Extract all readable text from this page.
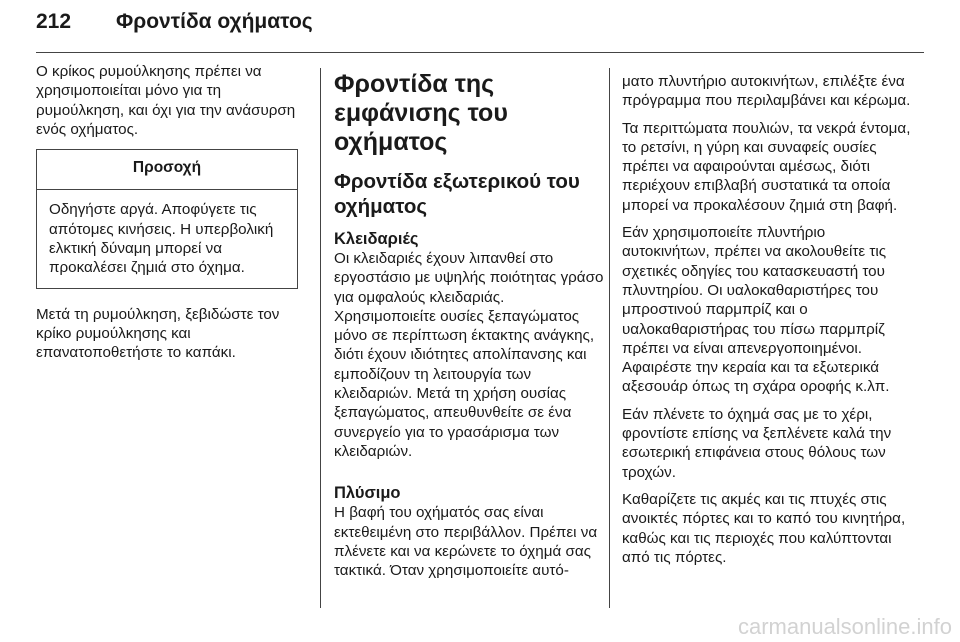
212 Φροντίδα οχήματος

Ο κρίκος ρυμούλκησης πρέπει να χρησιμοποιείται μόνο για τη ρυμούλκηση, και όχι για την ανάσυρση ενός οχήματος.

Προσοχή
Οδηγήστε αργά. Αποφύγετε τις απότομες κινήσεις. Η υπερβολική ελκτική δύναμη μπορεί να προκαλέσει ζημιά στο όχημα.

Μετά τη ρυμούλκηση, ξεβιδώστε τον κρίκο ρυμούλκησης και επανατοποθετήστε το καπάκι.

Φροντίδα της εμφάνισης του οχήματος
Φροντίδα εξωτερικού του οχήματος
Κλειδαριές

Οι κλειδαριές έχουν λιπανθεί στο εργοστάσιο με υψηλής ποιότητας γράσο για ομφαλούς κλειδαριάς. Χρησιμοποιείτε ουσίες ξεπαγώματος μόνο σε περίπτωση έκτακτης ανάγκης, διότι έχουν ιδιότητες απολίπανσης και εμποδίζουν τη λειτουργία των κλειδαριών. Μετά τη χρήση ουσίας ξεπαγώματος, απευθυνθείτε σε ένα συνεργείο για το γρασάρισμα των κλειδαριών.

Πλύσιμο

Η βαφή του οχήματός σας είναι εκτεθειμένη στο περιβάλλον. Πρέπει να πλένετε και να κερώνετε το όχημά σας τακτικά. Όταν χρησιμοποιείτε αυτό-

ματο πλυντήριο αυτοκινήτων, επιλέξτε ένα πρόγραμμα που περιλαμβάνει και κέρωμα.

Τα περιττώματα πουλιών, τα νεκρά έντομα, το ρετσίνι, η γύρη και συναφείς ουσίες πρέπει να αφαιρούνται αμέσως, διότι περιέχουν επιβλαβή συστατικά τα οποία μπορεί να προκαλέσουν ζημιά στη βαφή.

Εάν χρησιμοποιείτε πλυντήριο αυτοκινήτων, πρέπει να ακολουθείτε τις σχετικές οδηγίες του κατασκευαστή του πλυντηρίου. Οι υαλοκαθαριστήρες του μπροστινού παρμπρίζ και ο υαλοκαθαριστήρας του πίσω παρμπρίζ πρέπει να είναι απενεργοποιημένοι. Αφαιρέστε την κεραία και τα εξωτερικά αξεσουάρ όπως τη σχάρα οροφής κ.λπ.

Εάν πλένετε το όχημά σας με το χέρι, φροντίστε επίσης να ξεπλένετε καλά την εσωτερική επιφάνεια στους θόλους των τροχών.

Καθαρίζετε τις ακμές και τις πτυχές στις ανοικτές πόρτες και το καπό του κινητήρα, καθώς και τις περιοχές που καλύπτονται από τις πόρτες.

carmanualsonline.info
